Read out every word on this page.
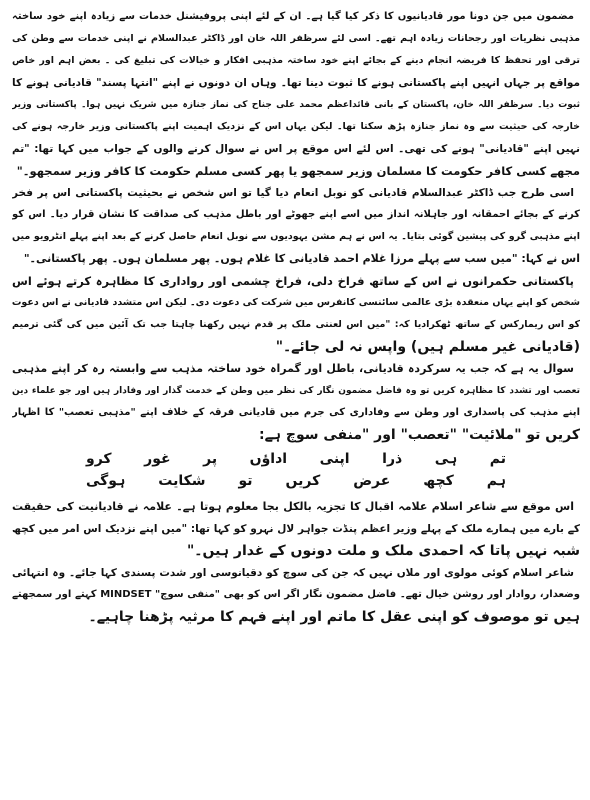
مضمون میں جن دونا مور قادیانیوں کا ذکر کیا گیا ہے۔ ان کے لئے اپنی پروفیشنل خدمات سے زیادہ اپنے خود ساختہ
مذہبی نظریات اور رجحانات زیادہ اہم تھے۔ اسی لئے سرظفر اللہ خان اور ڈاکٹر عبدالسلام نے اپنی خدمات سے وطن کی
ترقی اور تحفظ کا فریضہ انجام دینے کے بجائے اپنے خود ساختہ مذہبی افکار و خیالات کی تبلیغ کی ۔ بعض اہم اور خاص
مواقع پر جہاں انہیں اپنے پاکستانی ہونے کا ثبوت دینا تھا۔ وہاں ان دونوں نے اپنے "انتہا پسند" قادیانی ہونے کا
ثبوت دیا۔ سرظفر اللہ خان، پاکستان کے بانی قائداعظم محمد علی جناح کی نماز جنازہ میں شریک نہیں ہوا۔ پاکستانی وزیر
خارجہ کی حیثیت سے وہ نماز جنازہ پڑھ سکتا تھا۔ لیکن یہاں اس کے نزدیک اہمیت اپنے پاکستانی وزیر خارجہ ہونے کی
نہیں اپنے "قادیانی" ہونے کی تھی۔ اس لئے اس موقع پر اس نے سوال کرنے والوں کے جواب میں کہا تھا: "تم
مجھے کسی کافر حکومت کا مسلمان وزیر سمجھو یا پھر کسی مسلم حکومت کا کافر وزیر سمجھو۔"
اسی طرح جب ڈاکٹر عبدالسلام قادیانی کو نوبل انعام دیا گیا تو اس شخص نے بحیثیت پاکستانی اس پر فخر
کرنے کے بجائے احمقانہ اور جاہلانہ انداز میں اسے اپنے جھوٹے اور باطل مذہب کی صداقت کا نشان قرار دیا۔ اس کو
اپنے مذہبی گرو کی پیشین گوئی بتایا۔ یہ اس نے ہم مشن یہودیوں سے نوبل انعام حاصل کرنے کے بعد اپنے پہلے انٹرویو میں
اس نے کہا: "میں سب سے پہلے مرزا غلام احمد قادیانی کا غلام ہوں۔ پھر مسلمان ہوں۔ پھر پاکستانی۔"
پاکستانی حکمرانوں نے اس کے ساتھ فراخ دلی، فراخ چشمی اور رواداری کا مظاہرہ کرتے ہوئے اس
شخص کو اپنے یہاں منعقدہ بڑی عالمی سائنسی کانفرس میں شرکت کی دعوت دی۔ لیکن اس متشدد قادیانی نے اس دعوت
کو اس ریمارکس کے ساتھ ٹھکرادیا کہ: "میں اس لعنتی ملک پر قدم نہیں رکھنا چاہتا جب تک آئین میں کی گئی ترمیم
(قادیانی غیر مسلم ہیں) واپس نہ لی جائے۔"
سوال یہ ہے کہ جب یہ سرکردہ قادیانی، باطل اور گمراہ خود ساختہ مذہب سے وابستہ رہ کر اپنے مذہبی
تعصب اور تشدد کا مظاہرہ کریں تو وہ فاضل مضمون نگار کی نظر میں وطن کے خدمت گذار اور وفادار ہیں اور جو علماء دین
اپنے مذہب کی پاسداری اور وطن سے وفاداری کی جرم میں قادیانی فرقہ کے خلاف اپنے "مذہبی تعصب" کا اظہار
کریں تو "ملائیت" "تعصب" اور "منفی سوچ ہے:
تم ہی ذرا اپنی اداؤں پر غور کرو
ہم کچھ عرض کریں تو شکایت ہوگی
اس موقع سے شاعر اسلام علامہ اقبال کا تجزیہ بالکل بجا معلوم ہوتا ہے۔ علامہ نے قادیانیت کی حقیقت
کے بارے میں ہمارے ملک کے پہلے وزیر اعظم پنڈت جواہر لال نہرو کو کہا تھا: "میں اپنے نزدیک اس امر میں کچھ
شبہ نہیں پاتا کہ احمدی ملک و ملت دونوں کے غدار ہیں۔"
شاعر اسلام کوئی مولوی اور ملاں نہیں کہ جن کی سوچ کو دقیانوسی اور شدت پسندی کہا جائے۔ وہ انتہائی
وضعدار، روادار اور روشن خیال تھے۔ فاضل مضمون نگار اگر اس کو بھی "منفی سوچ" MINDSET کہتے اور سمجھتے
ہیں تو موصوف کو اپنی عقل کا ماتم اور اپنے فہم کا مرثیہ پڑھنا چاہیے۔
